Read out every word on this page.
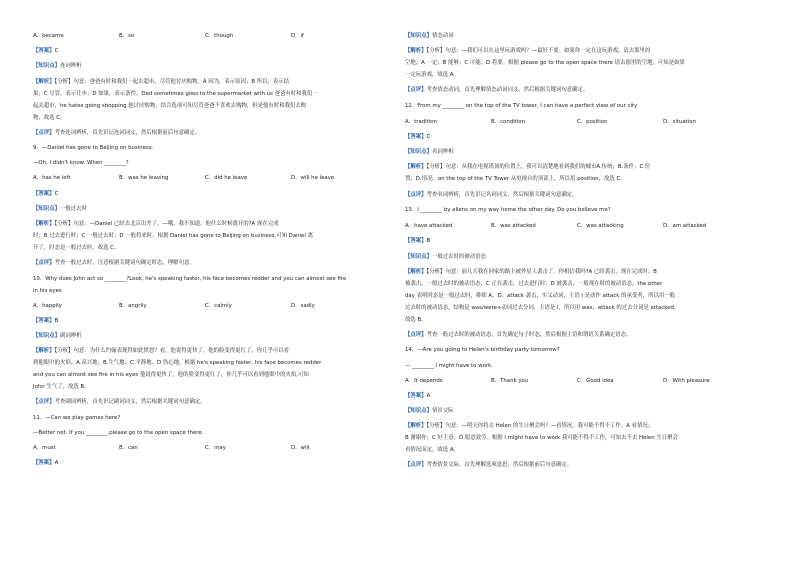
A．became	B．so	C．though	D．if

【答案】C

【知识点】连词辨析

【解析】【分析】句意：爸爸有时和我们一起去超市，尽管他讨厌购物。A 因为，表示原因；B 所以，表示结

果；C 尽管，表示让步；D 如果，表示条件。Dad sometimes goes to the supermarket with us 爸爸有时和我们一

起去超市，he hates going shopping 他讨厌购物，结合选项可知尽管爸爸不喜欢去购物，但是他有时和我们去购

物，故选 C。

【点评】考查连词辨析，首先识记连词词义，然后根据前后句意确定。

9．—Daniel has gone to Beijing on business.

—Oh, I didn't know. When ________?

A．has he left	B．was he leaving	C．did he leave	D．will he leave

【答案】C

【知识点】一般过去时

【解析】【分析】句意：—Daniel 已经去北京出差了。—哦，我不知道。他什么时候离开的?A 现在完成

时；B 过去进行时；C 一般过去时；D 一般将来时。根据 Daniel has gone to Beijing on business.可知 Daniel 离

开了，时态是一般过去时，故选 C。

【点评】考查一般过去时，注意根据关键词句确定时态，理解句意。

10．Why does John act so ________?Look, he's speaking faster, his face becomes redder and you can almost see fire

in his eyes

A．happily	B．angrily	C．calmly	D．sadly

【答案】B

【知识点】副词辨析

【解析】【分析】句意：为什么约翰表现得如此愤怒？看，他说得更快了，他的脸变得更红了，你几乎可以看

到他眼中的火焰。A.高兴地；B.生气地；C.平静地；D.伤心地。根据 he's speaking faster, his face becomes redder

and you can almost see fire in his eyes 他说得更快了，他的脸变得更红了，你几乎可以看到他眼中的火焰,可知

John 生气了，故选 B。

【点评】考查副词辨析，首先识记副词词义，然后根据关键词句意确定。

11．—Can we play games here?

—Better not. If you ________,please go to the open space there.

A．must	B．can	C．may	D．will

【答案】A

【知识点】情态动词

【解析】【分析】句意：—我们可以在这里玩游戏吗？—最好不要。如果你一定在这玩游戏，请去那里的

空地。A 一定；B 能够；C 可能；D 将要。根据 please go to the open space there 请去那里的空地，可知是如果

一定玩游戏，故选 A。

【点评】考查情态动词，首先理解情态动词词义，然后根据关键词句意确定。

12．From my ________ on the top of the TV tower, I can have a perfect view of our city

A．tradition	B．condition	C．position	D．situation

【答案】C

【知识点】名词辨析

【解析】【分析】句意：从我在电视塔顶的位置上，我可以清楚地看到我们的城市A.传统；B.条件；C.位

置；D.情况。on the top of the TV Tower 从电视台的顶部上，所以用 position，故选 C。

【点评】考查名词辨析，首先识记名词词义，然后根据关键词句意确定。

13．I ________ by aliens on my way home the other day. Do you believe me?

A．have attacked	B．was attacked	C．was attacking	D．am attacked

【答案】B

【知识点】一般过去时的被动语态

【解析】【分析】句意：前几天我在回家的路上被外星人袭击了。你相信我吗?A 已经袭击，现在完成时；B

被袭击，一般过去时的被动语态；C 正在袭击，过去进行时；D 被袭击，一般现在时的被动语态。the other

day 表明时态是一般过去时，排除 A、D。attack 袭击，实义动词，主语 I 是动作 attack 的承受者，所以用一般

过去时的被动语态，结构是 was/were+动词过去分词，主语是 I，所以用 was，attack 的过去分词是 attacked，

故选 B。

【点评】考查一般过去时的被动语态，首先确定句子时态，然后根据主语和谓语关系确定语态。

14．—Are you going to Helen's birthday party tomorrow?

— ________ I might have to work.

A．It depends	B．Thank you	C．Good idea	D．With pleasure

【答案】A

【知识点】情景交际

【解析】【分析】句意：—明天你将去 Helen 的生日聚会吗？—看情况。我可能不得不工作。A 看情况；

B 谢谢你；C 好主意；D.愿意效劳。根据 I might have to work 我可能不得不工作，可知去不去 Helen 生日聚会

看情况而定，故选 A。

【点评】考查情景交际，首先理解选项意思，然后根据前后句意确定。
